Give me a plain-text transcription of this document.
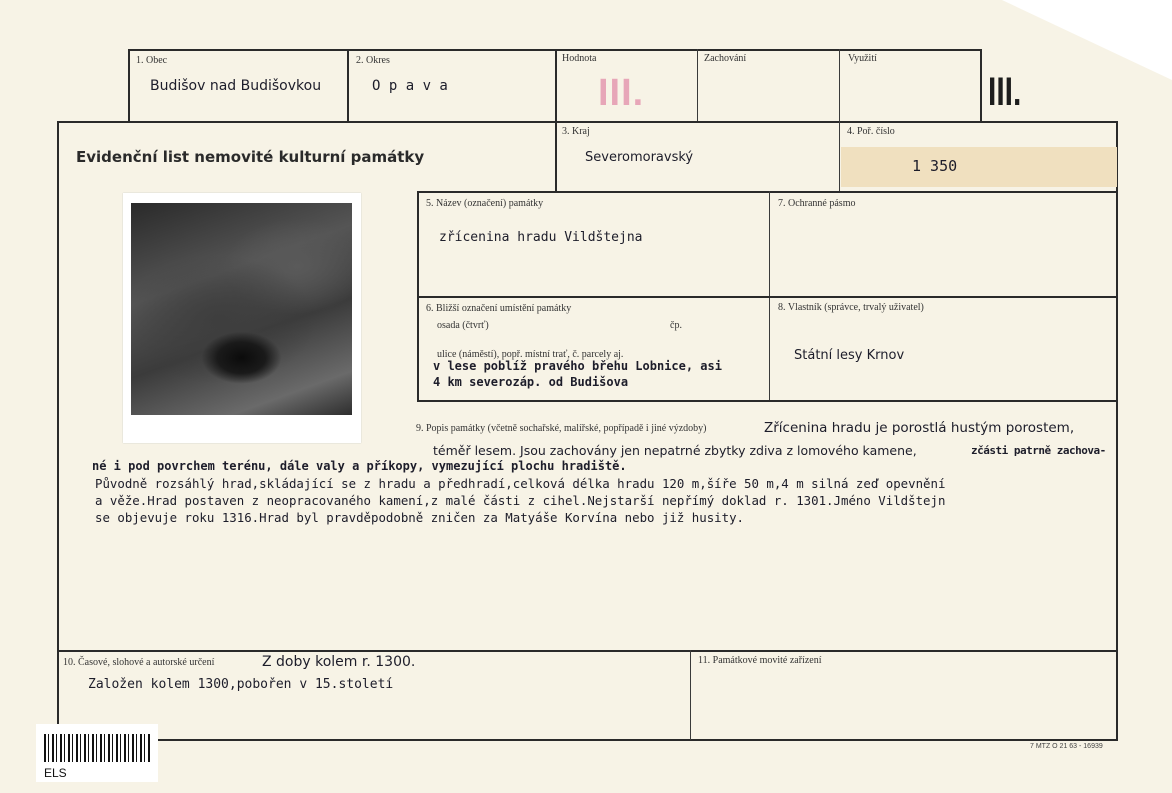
1. Obec
Budišov nad Budišovkou
2. Okres
O p a v a
Hodnota
III.
Zachování	Využití
III.
Evidenční list nemovité kulturní památky
3. Kraj
Severomoravský
4. Poř. číslo
1 350
5. Název (označení) památky
zřícenina hradu Vildštejna
7. Ochranné pásmo
6. Bližší označení umístění památky
osada (čtvrť)	čp.
ulice (náměstí), popř. místní trať, č. parcely aj.
v lese poblíž pravého břehu Lobnice, asi
4 km severozáp. od Budišova
8. Vlastník (správce, trvalý uživatel)
Státní lesy Krnov
9. Popis památky (včetně sochařské, malířské, popřípadě i jiné výzdoby)	Zřícenina hradu je porostlá hustým porostem,
téměř lesem. Jsou zachovány jen nepatrné zbytky zdiva z lomového kamene,	zčásti patrně zachova-
né i pod povrchem terénu, dále valy a příkopy, vymezující plochu hradiště.
Původně rozsáhlý hrad,skládající se z hradu a předhradí,celková délka hradu 120 m,šíře 50 m,4 m silná zeď opevnění
a věže.Hrad postaven z neopracovaného kamení,z malé části z cihel.Nejstarší nepřímý doklad r. 1301.Jméno Vildštejn
se objevuje roku 1316.Hrad byl pravděpodobně zničen za Matyáše Korvína nebo již husity.
10. Časové, slohové a autorské určení	Z doby kolem r. 1300.
Založen kolem 1300,pobořen v 15.století
11. Památkové movité zařízení
7 MTZ O 21 63 - 16939
ELS
